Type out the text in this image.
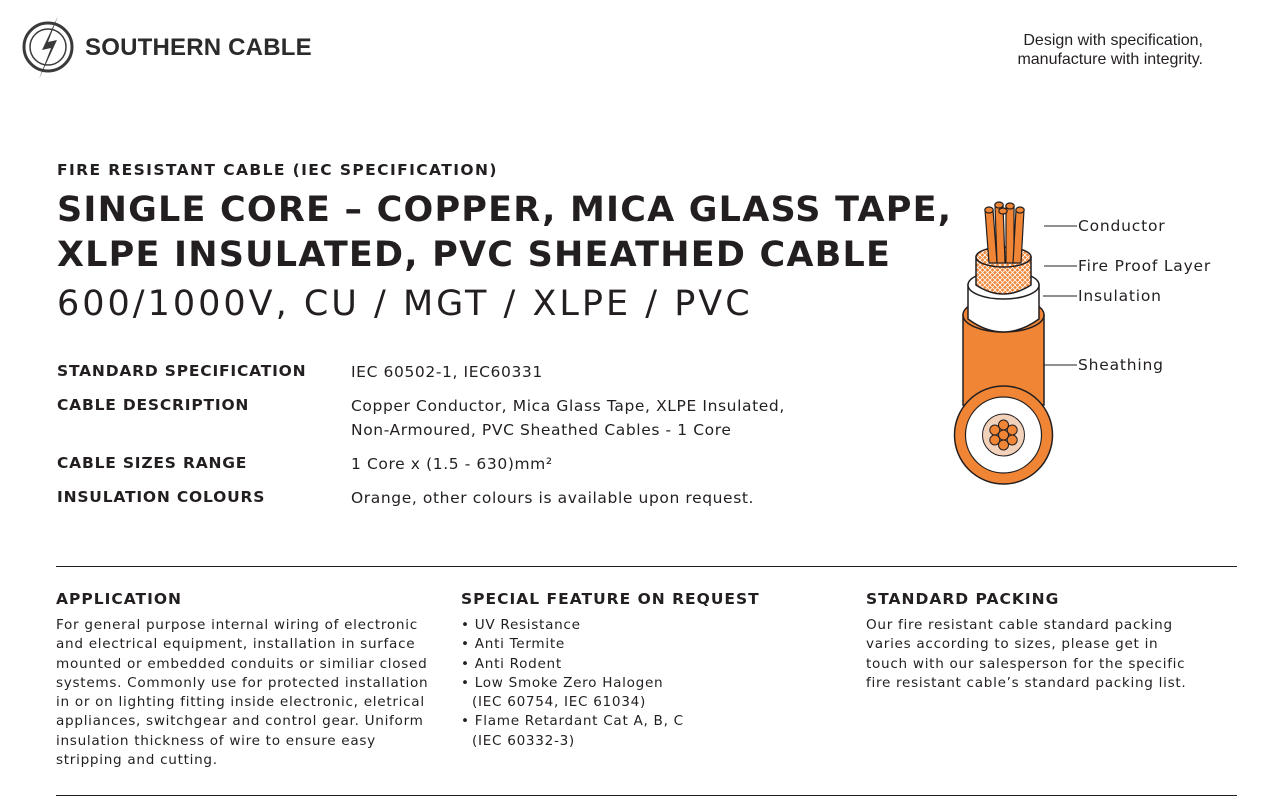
SOUTHERN CABLE	Design with specification,
manufacture with integrity.
FIRE RESISTANT CABLE (IEC SPECIFICATION)
SINGLE CORE – COPPER, MICA GLASS TAPE,
XLPE INSULATED, PVC SHEATHED CABLE
600/1000V, CU / MGT / XLPE / PVC
STANDARD SPECIFICATION	IEC 60502-1, IEC60331
CABLE DESCRIPTION	Copper Conductor, Mica Glass Tape, XLPE Insulated,
Non-Armoured, PVC Sheathed Cables - 1 Core
CABLE SIZES RANGE	1 Core x (1.5 - 630)mm²
INSULATION COLOURS	Orange, other colours is available upon request.
Conductor
Fire Proof Layer
Insulation
Sheathing
APPLICATION
For general purpose internal wiring of electronic
and electrical equipment, installation in surface
mounted or embedded conduits or similiar closed
systems. Commonly use for protected installation
in or on lighting fitting inside electronic, eletrical
appliances, switchgear and control gear. Uniform
insulation thickness of wire to ensure easy
stripping and cutting.
SPECIAL FEATURE ON REQUEST
• UV Resistance
• Anti Termite
• Anti Rodent
• Low Smoke Zero Halogen
(IEC 60754, IEC 61034)
• Flame Retardant Cat A, B, C
(IEC 60332-3)
STANDARD PACKING
Our fire resistant cable standard packing
varies according to sizes, please get in
touch with our salesperson for the specific
fire resistant cable’s standard packing list.
